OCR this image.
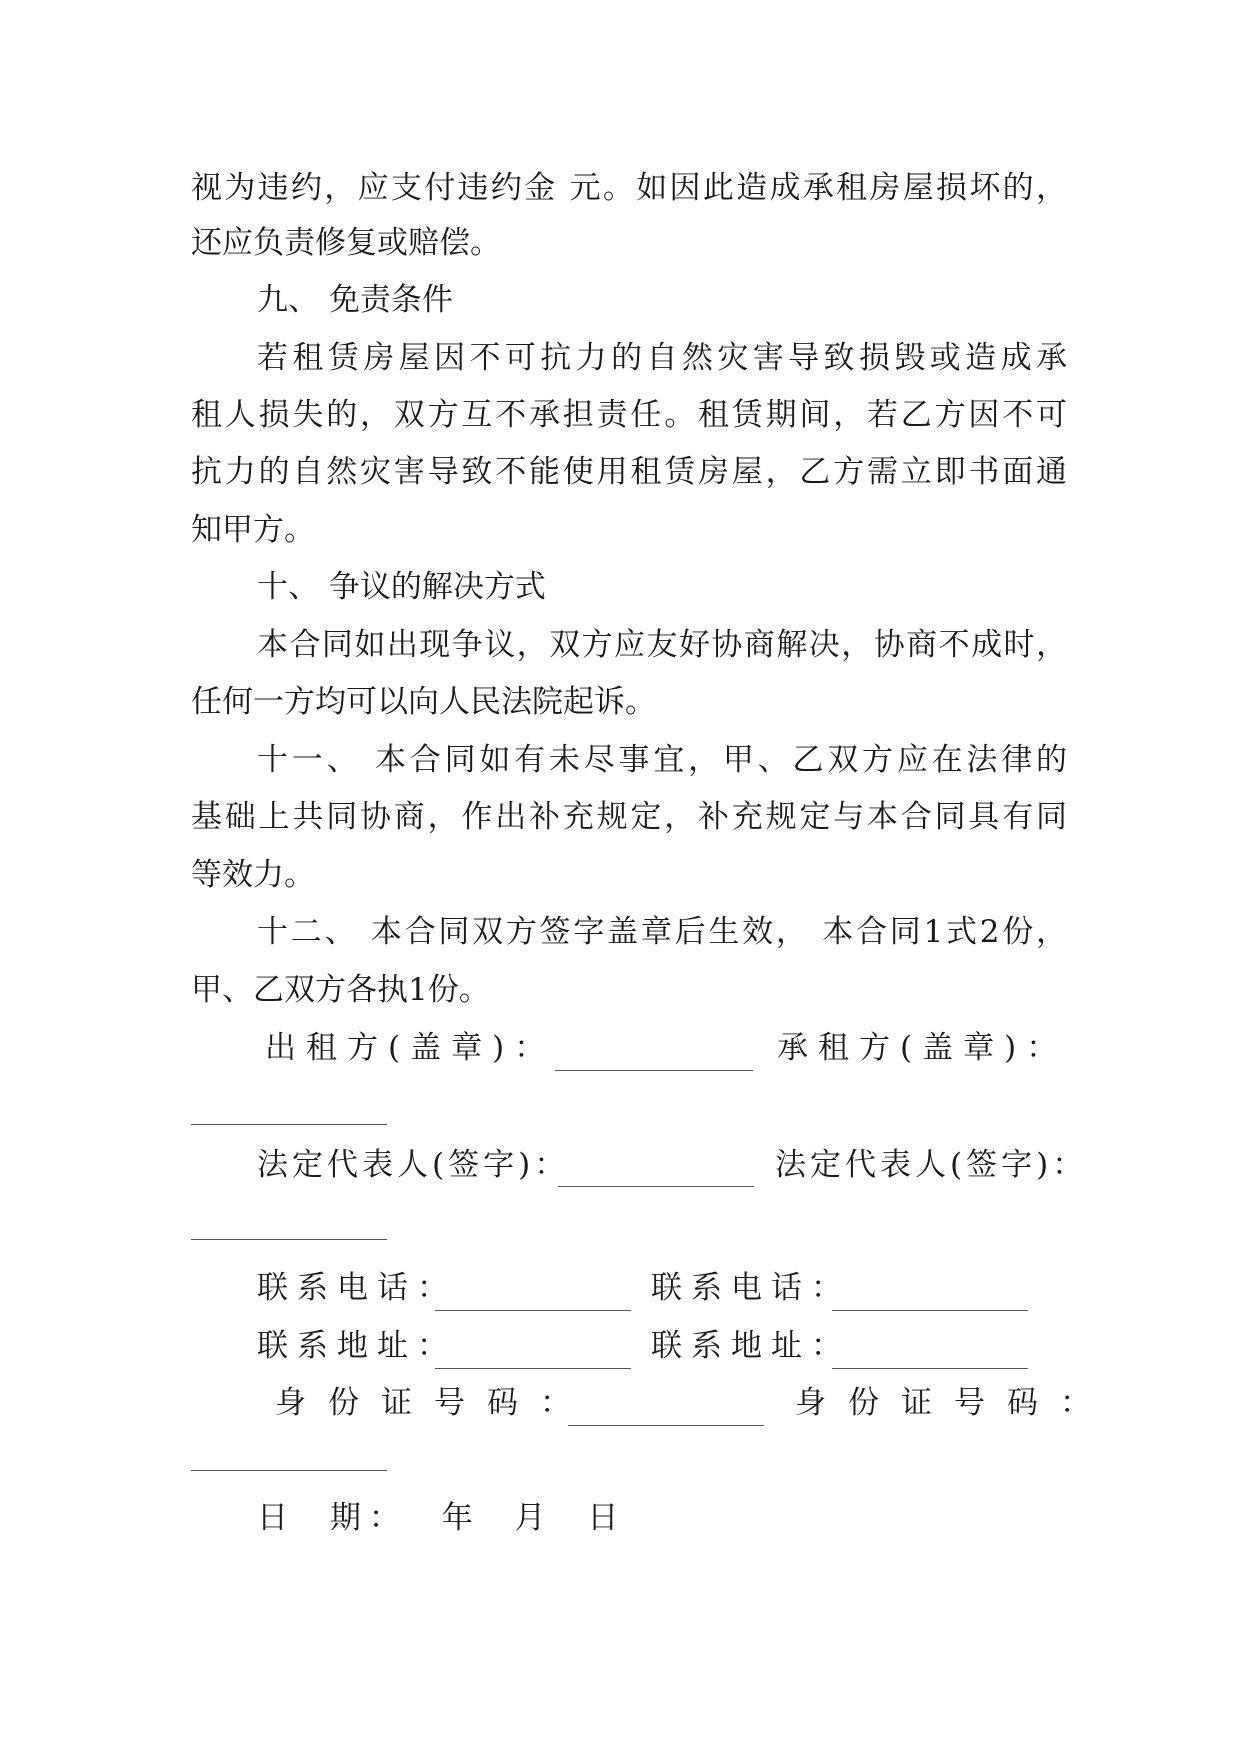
视为违约，应支付违约金 元。如因此造成承租房屋损坏的，
还应负责修复或赔偿。
九、 免责条件
若租赁房屋因不可抗力的自然灾害导致损毁或造成承
租人损失的，双方互不承担责任。租赁期间，若乙方因不可
抗力的自然灾害导致不能使用租赁房屋，乙方需立即书面通
知甲方。
十、 争议的解决方式
本合同如出现争议，双方应友好协商解决，协商不成时，
任何一方均可以向人民法院起诉。
十一、 本合同如有未尽事宜，甲、乙双方应在法律的
基础上共同协商，作出补充规定，补充规定与本合同具有同
等效力。
十二、 本合同双方签字盖章后生效， 本合同1式2份，
甲、乙双方各执1份。
出租方(盖章)：	承租方(盖章)：
法定代表人(签字)：	法定代表人(签字)：
联系电话：	联系电话：
联系地址：	联系地址：
身份证号码：	身份证号码：
日 期： 年 月 日
